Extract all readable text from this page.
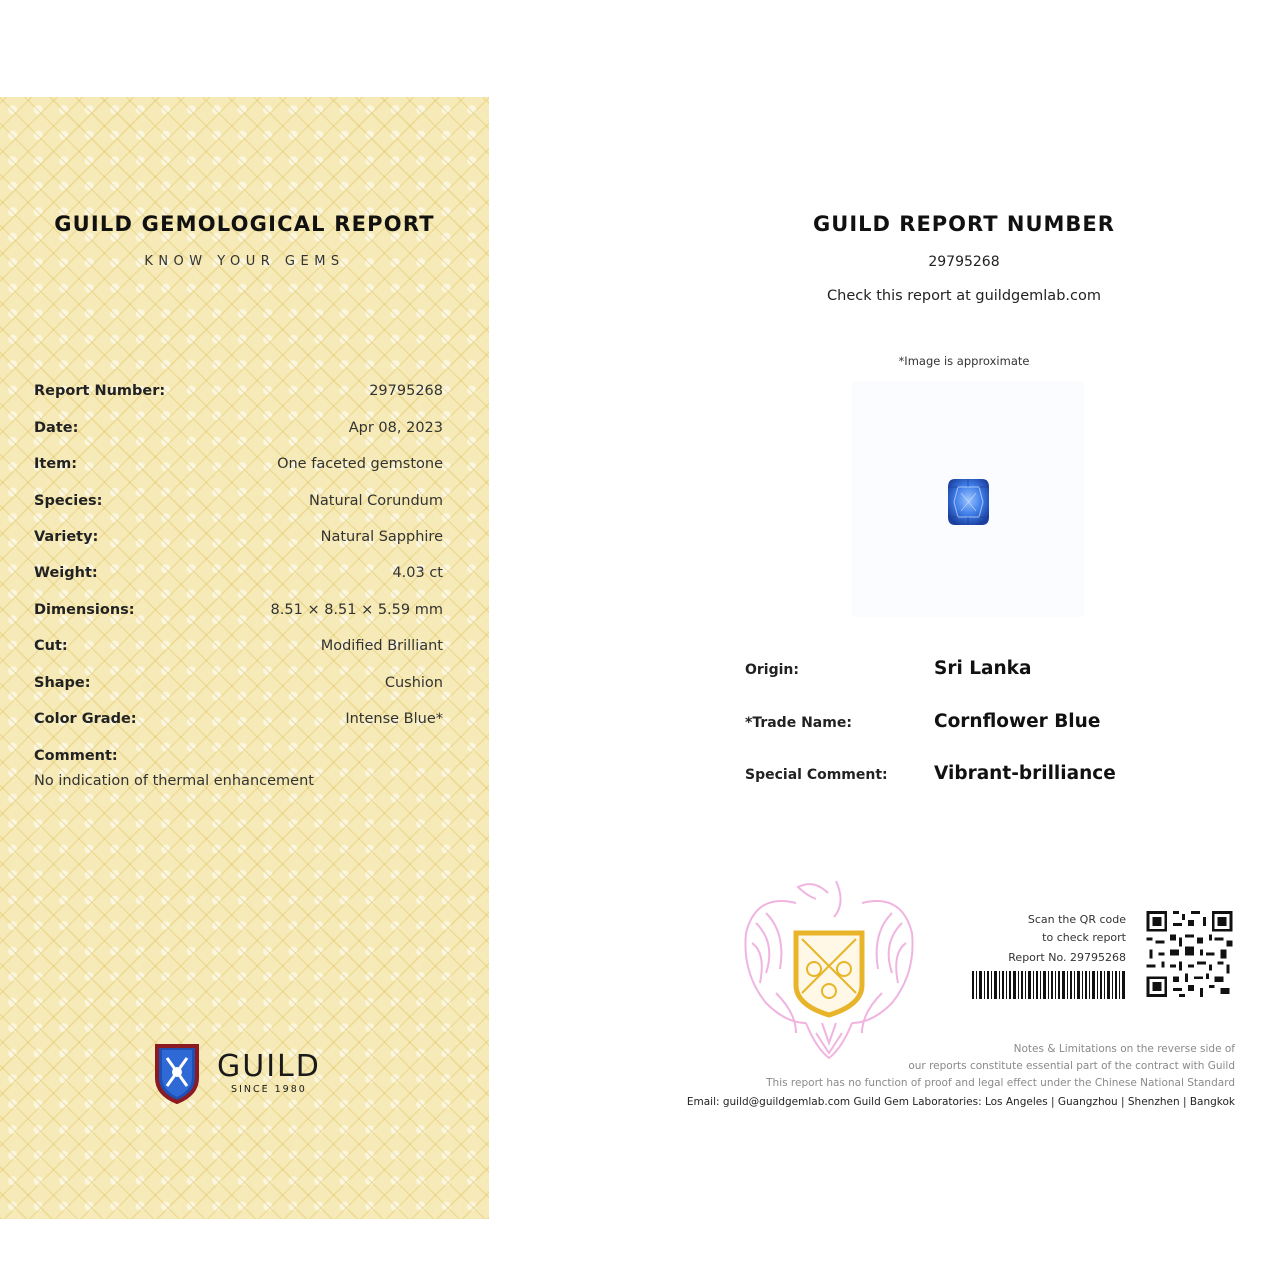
GUILD GEMOLOGICAL REPORT
KNOW YOUR GEMS
Report Number:	29795268
Date:	Apr 08, 2023
Item:	One faceted gemstone
Species:	Natural Corundum
Variety:	Natural Sapphire
Weight:	4.03 ct
Dimensions:	8.51 × 8.51 × 5.59 mm
Cut:	Modified Brilliant
Shape:	Cushion
Color Grade:	Intense Blue*
Comment:
No indication of thermal enhancement
GUILD
SINCE 1980
GUILD REPORT NUMBER
29795268
Check this report at guildgemlab.com
*Image is approximate
Origin:	Sri Lanka
*Trade Name:	Cornflower Blue
Special Comment:	Vibrant-brilliance
Scan the QR code
to check report
Report No. 29795268
Notes & Limitations on the reverse side of
our reports constitute essential part of the contract with Guild
This report has no function of proof and legal effect under the Chinese National Standard
Email: guild@guildgemlab.com Guild Gem Laboratories: Los Angeles | Guangzhou | Shenzhen | Bangkok
